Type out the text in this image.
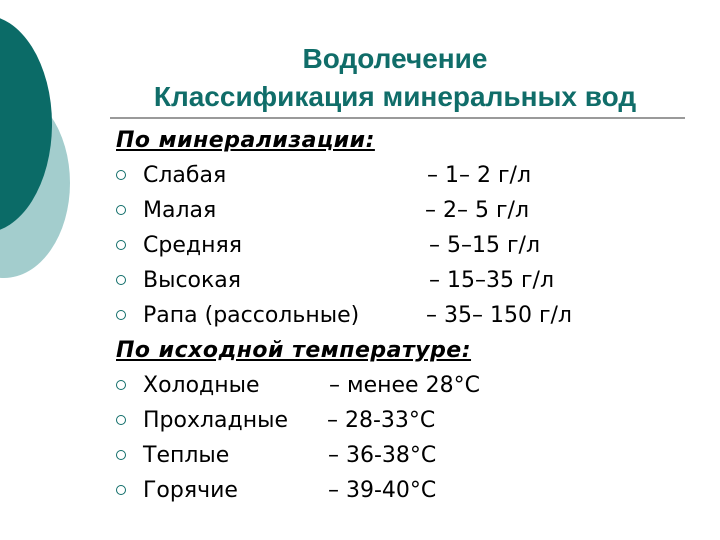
Водолечение
Классификация минеральных вод
По минерализации:
Слабая	– 1– 2 г/л
Малая	– 2– 5 г/л
Средняя	– 5–15 г/л
Высокая	– 15–35 г/л
Рапа (рассольные)	– 35– 150 г/л
По исходной температуре:
Холодные	– менее 28°С
Прохладные – 28-33°С
Теплые	– 36-38°С
Горячие	– 39-40°С
